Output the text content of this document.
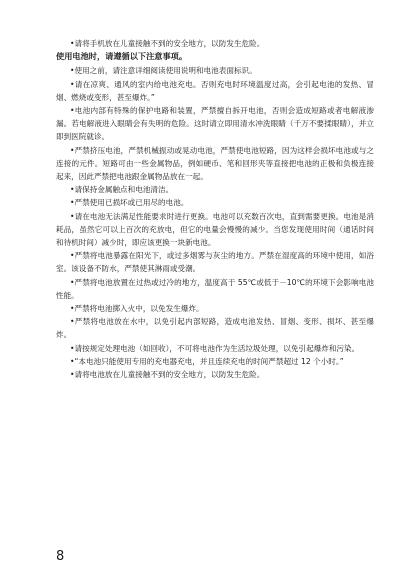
•请将手机放在儿童接触不到的安全地方，以防发生危险。

使用电池时，请遵循以下注意事项。

•使用之前，请注意详细阅读使用说明和电池表面标识。

•请在凉爽、通风的室内给电池充电。否则充电时环境温度过高，会引起电池的发热、冒烟、燃烧或变形，甚至爆炸。”

•电池内部有特殊的保护电路和装置，严禁擅自拆开电池，否则会造成短路或者电解液渗漏。若电解液进入眼睛会有失明的危险。这时请立即用清水冲洗眼睛（千万不要揉眼睛），并立即到医院就诊。

•严禁挤压电池，严禁机械振动或晃动电池，严禁使电池短路，因为这样会损坏电池或与之连接的元件。短路可由一些金属物品，例如硬币、笔和回形夹等直接把电池的正极和负极连接起来，因此严禁把电池跟金属物品放在一起。

•请保持金属触点和电池清洁。

•严禁使用已损坏或已用尽的电池。

•请在电池无法满足性能要求时进行更换。电池可以充数百次电，直到需要更换。电池是消耗品，虽然它可以上百次的充放电，但它的电量会慢慢的减少。当您发现使用时间（通话时间和待机时间）减少时，即应该更换一块新电池。

•严禁将电池暴露在阳光下，或过多烟雾与灰尘的地方。严禁在湿度高的环境中使用，如浴室。该设备不防水，严禁使其淋雨或受潮。

•严禁将电池放置在过热或过冷的地方，温度高于 55℃或低于－10℃的环境下会影响电池性能。

•严禁将电池掷入火中，以免发生爆炸。

•严禁将电池放在水中，以免引起内部短路，造成电池发热、冒烟、变形、损坏、甚至爆炸。

•请按规定处理电池（如回收），不可将电池作为生活垃圾处理，以免引起爆炸和污染。

•“本电池只能使用专用的充电器充电，并且连续充电的时间严禁超过 12 个小时。”

•请将电池放在儿童接触不到的安全地方，以防发生危险。

8
